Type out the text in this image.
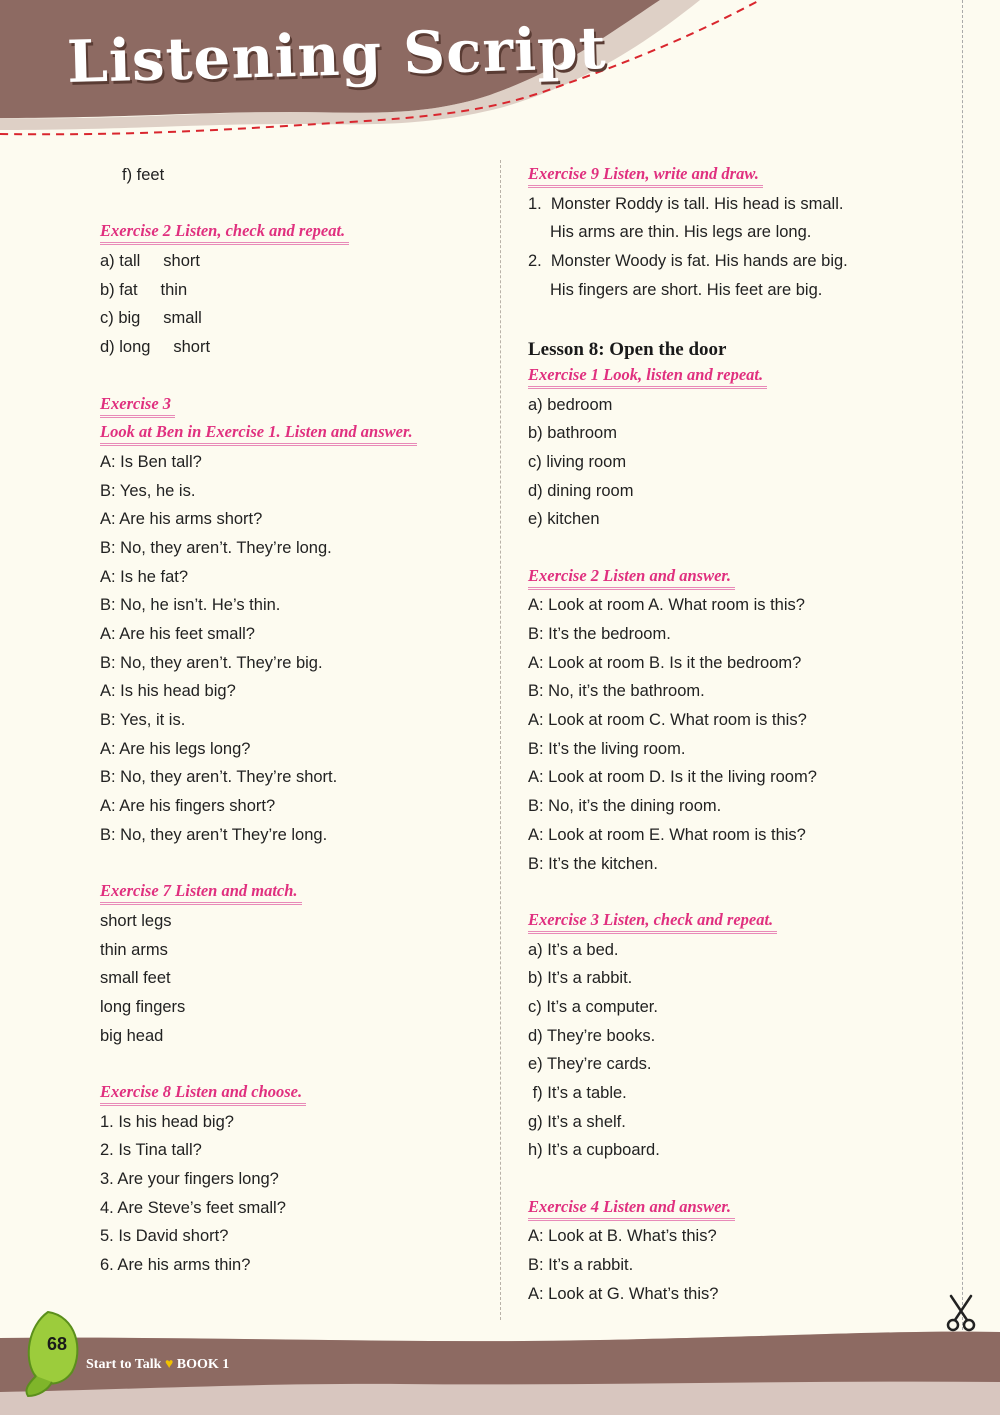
Listening Script
f) feet
Exercise 2 Listen, check and repeat.
a) tall     short
b) fat     thin
c) big     small
d) long     short
Exercise 3
Look at Ben in Exercise 1. Listen and answer.
A: Is Ben tall?
B: Yes, he is.
A: Are his arms short?
B: No, they aren’t. They’re long.
A: Is he fat?
B: No, he isn’t. He’s thin.
A: Are his feet small?
B: No, they aren’t. They’re big.
A: Is his head big?
B: Yes, it is.
A: Are his legs long?
B: No, they aren’t. They’re short.
A: Are his fingers short?
B: No, they aren’t They’re long.
Exercise 7 Listen and match.
short legs
thin arms
small feet
long fingers
big head
Exercise 8 Listen and choose.
1. Is his head big?
2. Is Tina tall?
3. Are your fingers long?
4. Are Steve’s feet small?
5. Is David short?
6. Are his arms thin?
Exercise 9 Listen, write and draw.
1.  Monster Roddy is tall. His head is small.
His arms are thin. His legs are long.
2.  Monster Woody is fat. His hands are big.
His fingers are short. His feet are big.
Lesson 8: Open the door
Exercise 1 Look, listen and repeat.
a) bedroom
b) bathroom
c) living room
d) dining room
e) kitchen
Exercise 2 Listen and answer.
A: Look at room A. What room is this?
B: It’s the bedroom.
A: Look at room B. Is it the bedroom?
B: No, it’s the bathroom.
A: Look at room C. What room is this?
B: It’s the living room.
A: Look at room D. Is it the living room?
B: No, it’s the dining room.
A: Look at room E. What room is this?
B: It’s the kitchen.
Exercise 3 Listen, check and repeat.
a) It’s a bed.
b) It’s a rabbit.
c) It’s a computer.
d) They’re books.
e) They’re cards.
f) It’s a table.
g) It’s a shelf.
h) It’s a cupboard.
Exercise 4 Listen and answer.
A: Look at B. What’s this?
B: It’s a rabbit.
A: Look at G. What’s this?
68
Start to Talk ♥ BOOK 1
